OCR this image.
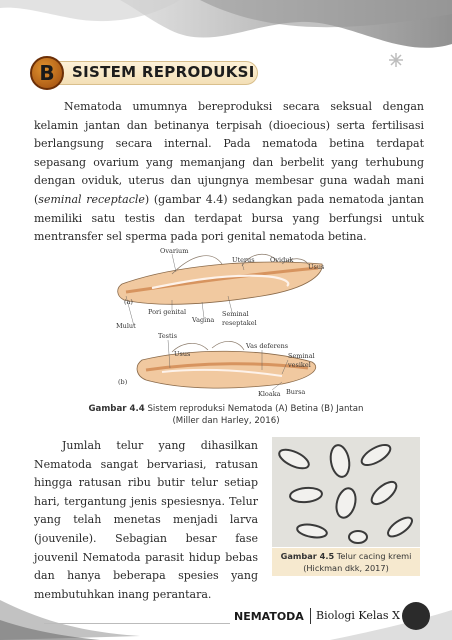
B	SISTEM REPRODUKSI

Nematoda umumnya bereproduksi secara seksual dengan kelamin jantan dan betinanya terpisah (dioecious) serta fertilisasi berlangsung secara internal. Pada nematoda betina terdapat sepasang ovarium yang memanjang dan berbelit yang terhubung dengan oviduk, uterus dan ujungnya membesar guna wadah mani (seminal receptacle) (gambar 4.4) sedangkan pada nematoda jantan memiliki satu testis dan terdapat bursa yang berfungsi untuk mentransfer sel sperma pada pori genital nematoda betina.

Ovarium
Uterus Oviduk
Usus
(a)
Pori genital
Vagina
Seminal
reseptakel
Mulut
Testis
Vas deferens
Usus	Seminal
vesikel
(b)
Kloaka Bursa
Gambar 4.4 Sistem reproduksi Nematoda (A) Betina (B) Jantan
(Miller dan Harley, 2016)

Jumlah telur yang dihasilkan Nematoda sangat bervariasi, ratusan hingga ratusan ribu butir telur setiap hari, tergantung jenis spesiesnya. Telur yang telah menetas menjadi larva (jouvenile). Sebagian besar fase jouvenil Nematoda parasit hidup bebas dan hanya beberapa spesies yang membutuhkan inang perantara.

Gambar 4.5 Telur cacing kremi
(Hickman dkk, 2017)
NEMATODA Biologi Kelas X
